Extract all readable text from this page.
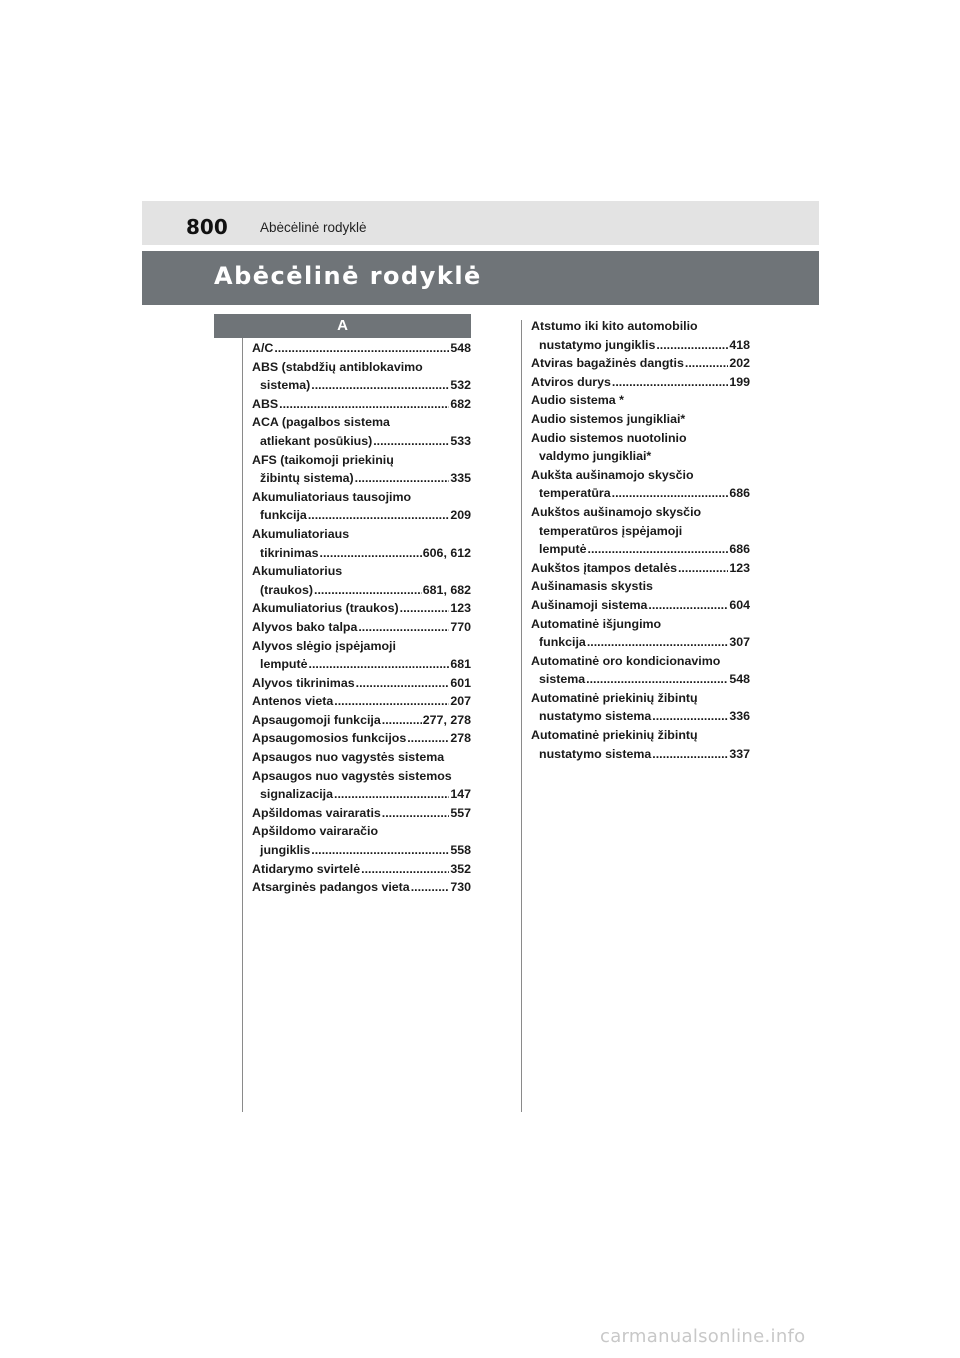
800 Abėcėlinė rodyklė
Abėcėlinė rodyklė
A
A/C .....	548
ABS (stabdžių antiblokavimo
sistema) .....	532
ABS .....	682
ACA (pagalbos sistema
atliekant posūkius) .....	533
AFS (taikomoji priekinių
žibintų sistema) .....	335
Akumuliatoriaus tausojimo
funkcija .....	209
Akumuliatoriaus
tikrinimas .....	606, 612
Akumuliatorius
(traukos) .....	681, 682
Akumuliatorius (traukos) .....	123
Alyvos bako talpa .....	770
Alyvos slėgio įspėjamoji
lemputė .....	681
Alyvos tikrinimas .....	601
Antenos vieta .....	207
Apsaugomoji funkcija .....	277, 278
Apsaugomosios funkcijos .....	278
Apsaugos nuo vagystės sistema
Apsaugos nuo vagystės sistemos
signalizacija .....	147
Apšildomas vairaratis .....	557
Apšildomo vairaračio
jungiklis .....	558
Atidarymo svirtelė .....	352
Atsarginės padangos vieta .....	730
Atstumo iki kito automobilio
nustatymo jungiklis .....	418
Atviras bagažinės dangtis .....	202
Atviros durys .....	199
Audio sistema *
Audio sistemos jungikliai*
Audio sistemos nuotolinio
valdymo jungikliai*
Aukšta aušinamojo skysčio
temperatūra .....	686
Aukštos aušinamojo skysčio
temperatūros įspėjamoji
lemputė .....	686
Aukštos įtampos detalės .....	123
Aušinamasis skystis
Aušinamoji sistema .....	604
Automatinė išjungimo
funkcija .....	307
Automatinė oro kondicionavimo
sistema .....	548
Automatinė priekinių žibintų
nustatymo sistema .....	336
Automatinė priekinių žibintų
nustatymo sistema .....	337
carmanualsonline.info
